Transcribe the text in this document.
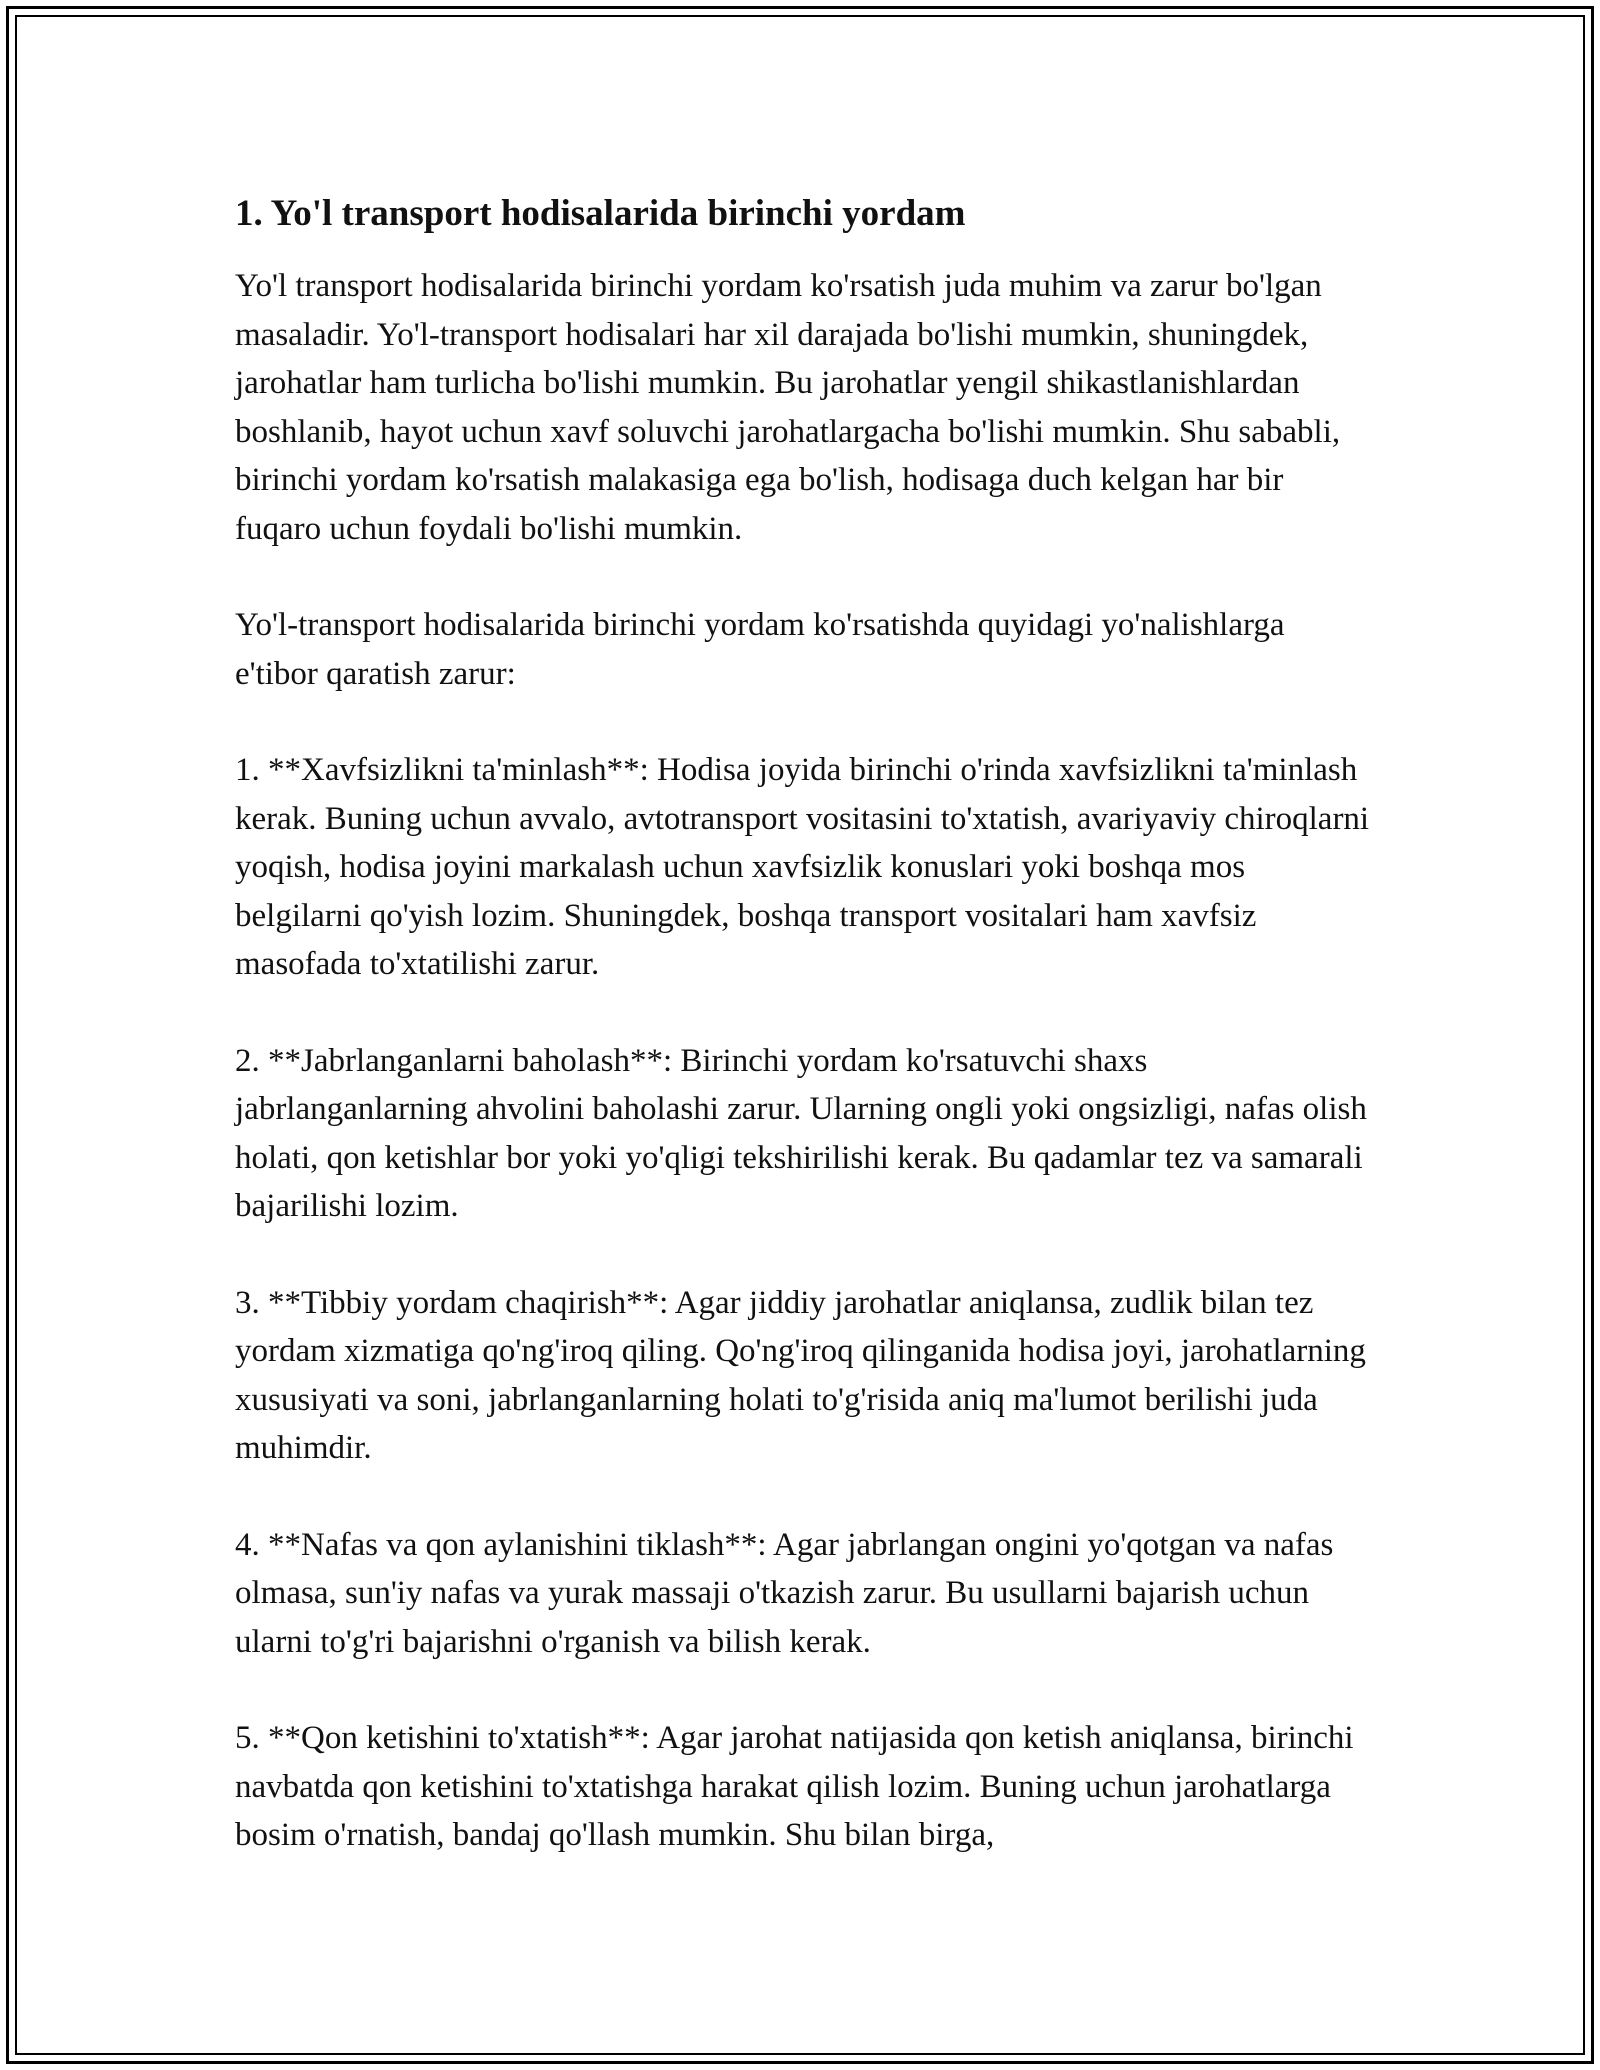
1. Yo'l transport hodisalarida birinchi yordam

Yo'l transport hodisalarida birinchi yordam ko'rsatish juda muhim va zarur bo'lgan masaladir. Yo'l-transport hodisalari har xil darajada bo'lishi mumkin, shuningdek, jarohatlar ham turlicha bo'lishi mumkin. Bu jarohatlar yengil shikastlanishlardan boshlanib, hayot uchun xavf soluvchi jarohatlargacha bo'lishi mumkin. Shu sababli, birinchi yordam ko'rsatish malakasiga ega bo'lish, hodisaga duch kelgan har bir fuqaro uchun foydali bo'lishi mumkin.

Yo'l-transport hodisalarida birinchi yordam ko'rsatishda quyidagi yo'nalishlarga e'tibor qaratish zarur:

1. **Xavfsizlikni ta'minlash**: Hodisa joyida birinchi o'rinda xavfsizlikni ta'minlash kerak. Buning uchun avvalo, avtotransport vositasini to'xtatish, avariyaviy chiroqlarni yoqish, hodisa joyini markalash uchun xavfsizlik konuslari yoki boshqa mos belgilarni qo'yish lozim. Shuningdek, boshqa transport vositalari ham xavfsiz masofada to'xtatilishi zarur.

2. **Jabrlanganlarni baholash**: Birinchi yordam ko'rsatuvchi shaxs jabrlanganlarning ahvolini baholashi zarur. Ularning ongli yoki ongsizligi, nafas olish holati, qon ketishlar bor yoki yo'qligi tekshirilishi kerak. Bu qadamlar tez va samarali bajarilishi lozim.

3. **Tibbiy yordam chaqirish**: Agar jiddiy jarohatlar aniqlansa, zudlik bilan tez yordam xizmatiga qo'ng'iroq qiling. Qo'ng'iroq qilinganida hodisa joyi, jarohatlarning xususiyati va soni, jabrlanganlarning holati to'g'risida aniq ma'lumot berilishi juda muhimdir.

4. **Nafas va qon aylanishini tiklash**: Agar jabrlangan ongini yo'qotgan va nafas olmasa, sun'iy nafas va yurak massaji o'tkazish zarur. Bu usullarni bajarish uchun ularni to'g'ri bajarishni o'rganish va bilish kerak.

5. **Qon ketishini to'xtatish**: Agar jarohat natijasida qon ketish aniqlansa, birinchi navbatda qon ketishini to'xtatishga harakat qilish lozim. Buning uchun jarohatlarga bosim o'rnatish, bandaj qo'llash mumkin. Shu bilan birga,
